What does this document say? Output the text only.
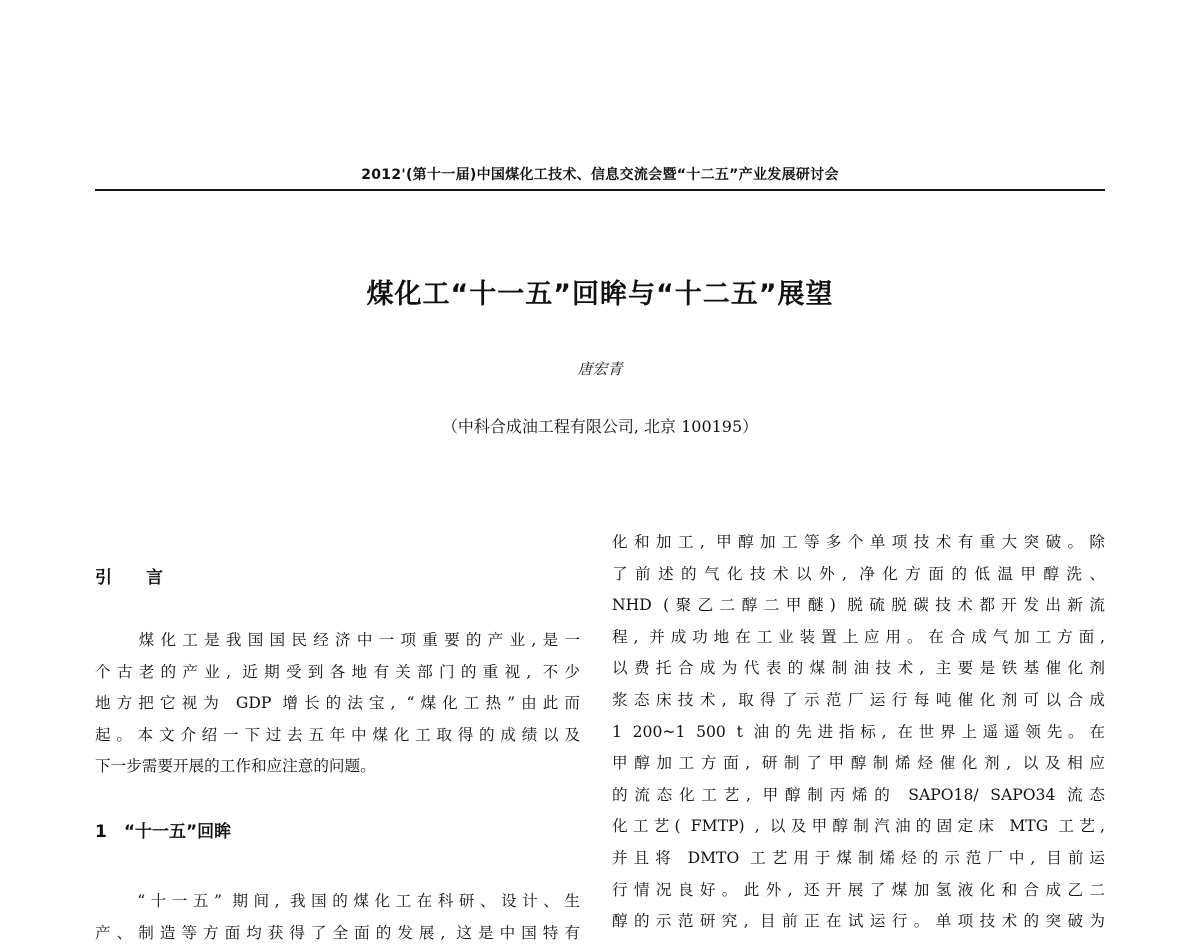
2012'(第十一届)中国煤化工技术、信息交流会暨“十二五”产业发展研讨会
煤化工“十一五”回眸与“十二五”展望
唐宏青
（中科合成油工程有限公司, 北京 100195）
引　　言
　　煤化工是我国国民经济中一项重要的产业,是一
个古老的产业, 近期受到各地有关部门的重视, 不少
地方把它视为 GDP 增长的法宝, “煤化工热”由此而
起。本文介绍一下过去五年中煤化工取得的成绩以及
下一步需要开展的工作和应注意的问题。
1　“十一五”回眸
　　“十一五” 期间, 我国的煤化工在科研、设计、生
产、制造等方面均获得了全面的发展, 这是中国特有
化和加工, 甲醇加工等多个单项技术有重大突破。除
了前述的气化技术以外, 净化方面的低温甲醇洗、
NHD (聚乙二醇二甲醚) 脱硫脱碳技术都开发出新流
程, 并成功地在工业装置上应用。在合成气加工方面,
以费托合成为代表的煤制油技术, 主要是铁基催化剂
浆态床技术, 取得了示范厂运行每吨催化剂可以合成
1 200~1 500 t 油的先进指标, 在世界上遥遥领先。在
甲醇加工方面, 研制了甲醇制烯烃催化剂, 以及相应
的流态化工艺, 甲醇制丙烯的 SAPO18/ SAPO34 流态
化工艺( FMTP) , 以及甲醇制汽油的固定床 MTG 工艺,
并且将 DMTO 工艺用于煤制烯烃的示范厂中, 目前运
行情况良好。此外, 还开展了煤加氢液化和合成乙二
醇的示范研究, 目前正在试运行。单项技术的突破为
